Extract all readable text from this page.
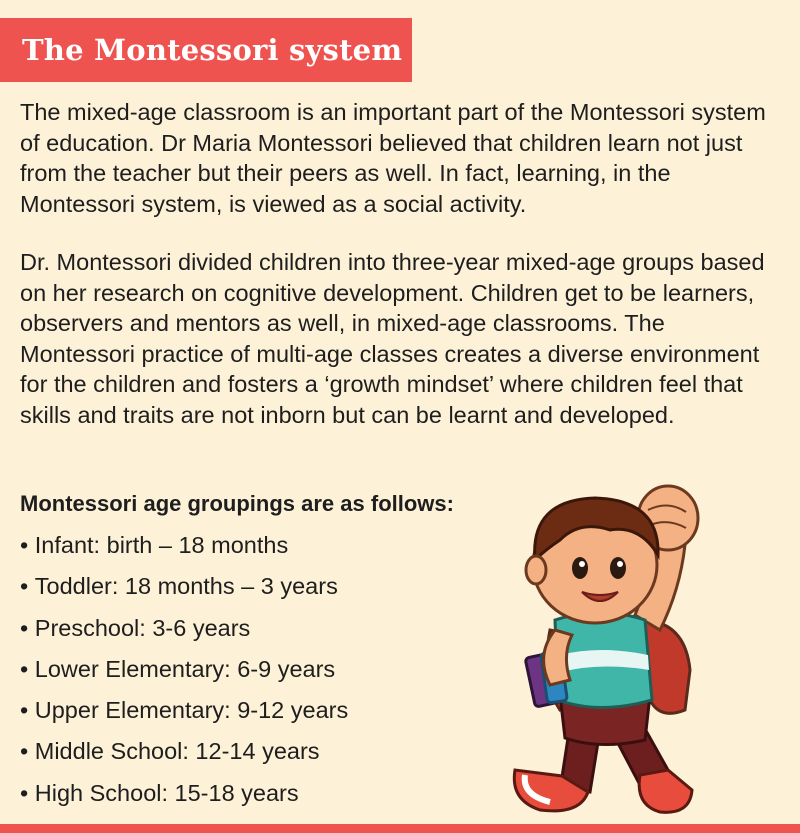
The Montessori system

The mixed-age classroom is an important part of the Montessori system of education. Dr Maria Montessori believed that children learn not just from the teacher but their peers as well. In fact, learning, in the Montessori system, is viewed as a social activity.

Dr. Montessori divided children into three-year mixed-age groups based on her research on cognitive development. Children get to be learners, observers and mentors as well, in mixed-age classrooms. The Montessori practice of multi-age classes creates a diverse environment for the children and fosters a ‘growth mindset’ where children feel that skills and traits are not inborn but can be learnt and developed.

Montessori age groupings are as follows:

• Infant: birth – 18 months
• Toddler: 18 months – 3 years
• Preschool: 3-6 years
• Lower Elementary: 6-9 years
• Upper Elementary: 9-12 years
• Middle School: 12-14 years
• High School: 15-18 years
